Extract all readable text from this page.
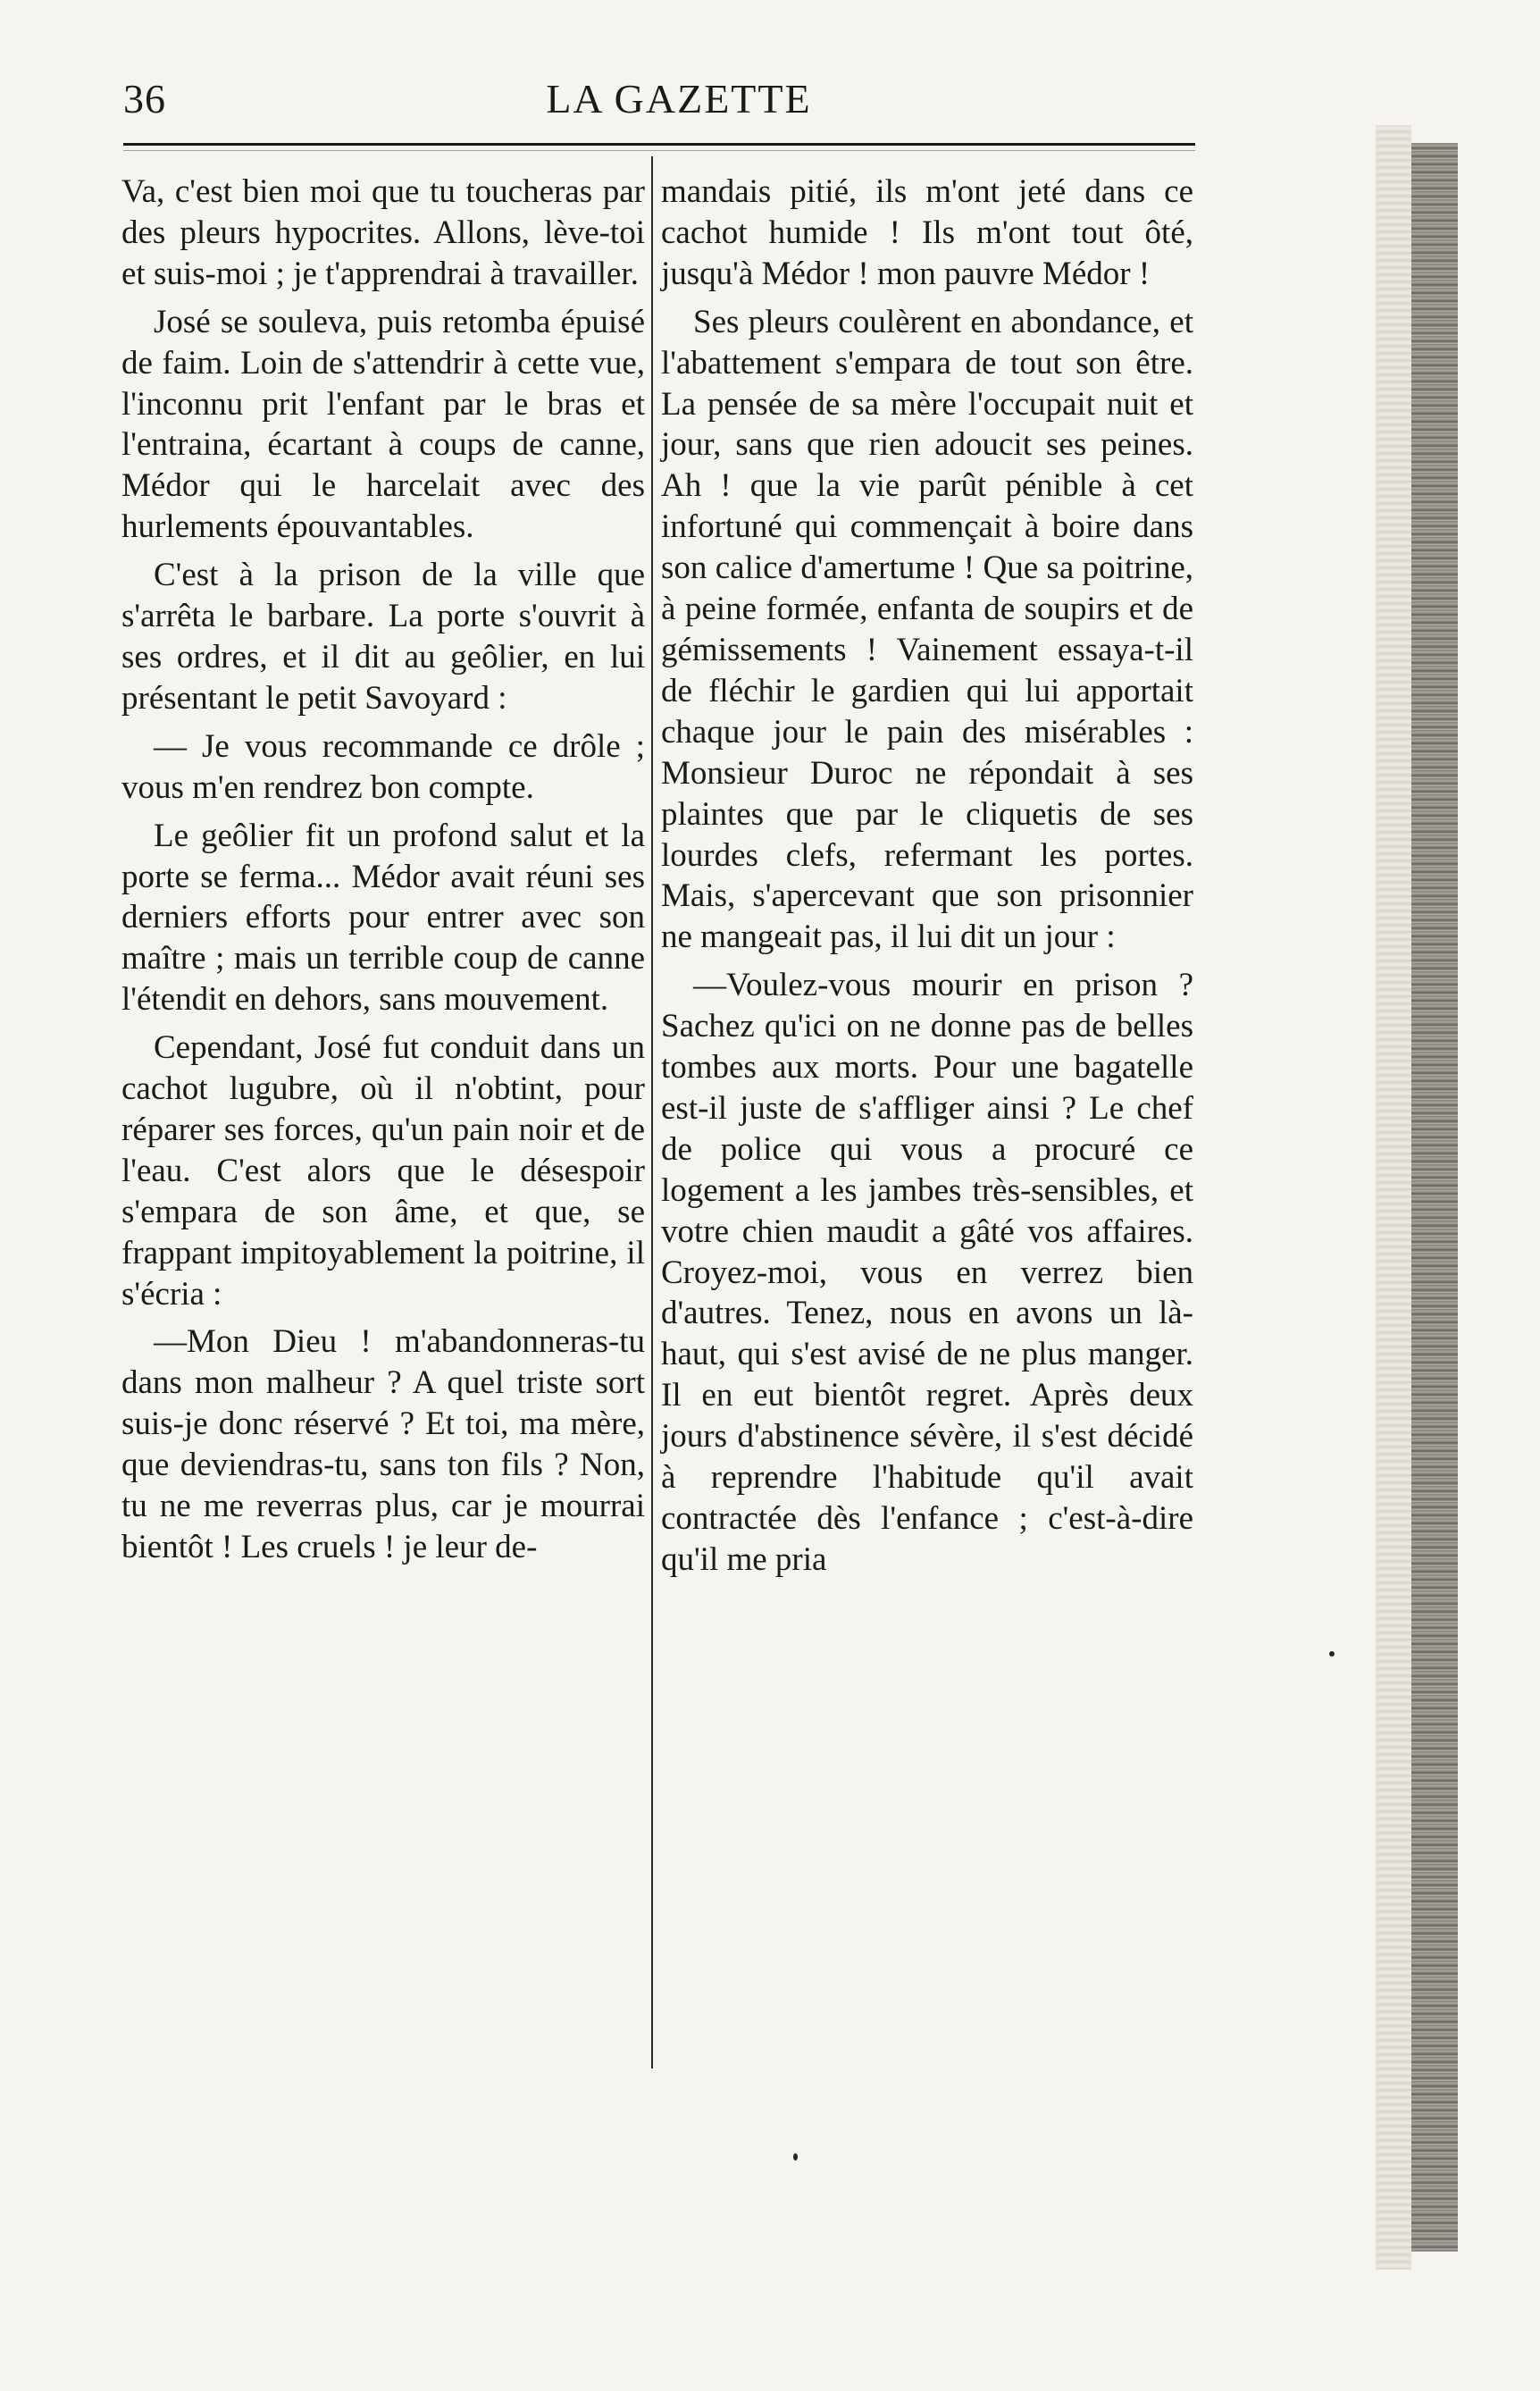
36	LA GAZETTE

Va, c'est bien moi que tu toucheras par des pleurs hypocrites. Allons, lève-toi et suis-moi ; je t'apprendrai à travailler.

José se souleva, puis retomba épuisé de faim. Loin de s'attendrir à cette vue, l'inconnu prit l'enfant par le bras et l'entraina, écartant à coups de canne, Médor qui le harcelait avec des hurlements épouvantables.

C'est à la prison de la ville que s'arrêta le barbare. La porte s'ouvrit à ses ordres, et il dit au geôlier, en lui présentant le petit Savoyard :

— Je vous recommande ce drôle ; vous m'en rendrez bon compte.

Le geôlier fit un profond salut et la porte se ferma... Médor avait réuni ses derniers efforts pour entrer avec son maître ; mais un terrible coup de canne l'étendit en dehors, sans mouvement.

Cependant, José fut conduit dans un cachot lugubre, où il n'obtint, pour réparer ses forces, qu'un pain noir et de l'eau. C'est alors que le désespoir s'empara de son âme, et que, se frappant impitoyablement la poitrine, il s'écria :

—Mon Dieu ! m'abandonneras-tu dans mon malheur ? A quel triste sort suis-je donc réservé ? Et toi, ma mère, que deviendras-tu, sans ton fils ? Non, tu ne me reverras plus, car je mourrai bientôt ! Les cruels ! je leur de-

mandais pitié, ils m'ont jeté dans ce cachot humide ! Ils m'ont tout ôté, jusqu'à Médor ! mon pauvre Médor !

Ses pleurs coulèrent en abondance, et l'abattement s'empara de tout son être. La pensée de sa mère l'occupait nuit et jour, sans que rien adoucit ses peines. Ah ! que la vie parût pénible à cet infortuné qui commençait à boire dans son calice d'amertume ! Que sa poitrine, à peine formée, enfanta de soupirs et de gémissements ! Vainement essaya-t-il de fléchir le gardien qui lui apportait chaque jour le pain des misérables : Monsieur Duroc ne répondait à ses plaintes que par le cliquetis de ses lourdes clefs, refermant les portes. Mais, s'apercevant que son prisonnier ne mangeait pas, il lui dit un jour :

—Voulez-vous mourir en prison ? Sachez qu'ici on ne donne pas de belles tombes aux morts. Pour une bagatelle est-il juste de s'affliger ainsi ? Le chef de police qui vous a procuré ce logement a les jambes très-sensibles, et votre chien maudit a gâté vos affaires. Croyez-moi, vous en verrez bien d'autres. Tenez, nous en avons un là-haut, qui s'est avisé de ne plus manger. Il en eut bientôt regret. Après deux jours d'abstinence sévère, il s'est décidé à reprendre l'habitude qu'il avait contractée dès l'enfance ; c'est-à-dire qu'il me pria
